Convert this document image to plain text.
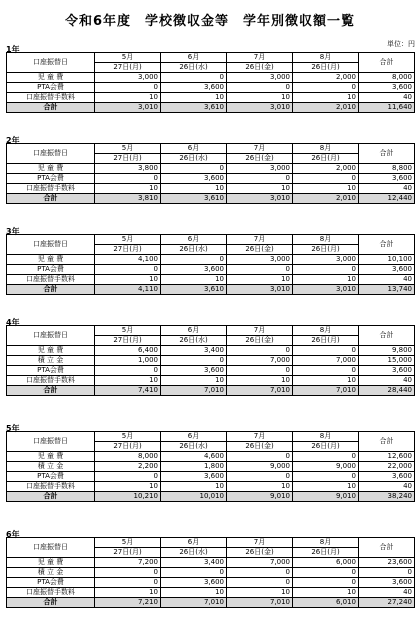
令和6年度　学校徴収金等　学年別徴収額一覧
単位：円
1年
口座振替日	5月	6月	7月	8月	合計
	27日(月)	26日(水)	26日(金)	26日(月)	
児 童 費	3,000	0	3,000	2,000	8,000
PTA会費	0	3,600	0	0	3,600
口座振替手数料	10	10	10	10	40
合計	3,010	3,610	3,010	2,010	11,640
2年
口座振替日	5月	6月	7月	8月	合計
	27日(月)	26日(水)	26日(金)	26日(月)	
児 童 費	3,800	0	3,000	2,000	8,800
PTA会費	0	3,600	0	0	3,600
口座振替手数料	10	10	10	10	40
合計	3,810	3,610	3,010	2,010	12,440
3年
口座振替日	5月	6月	7月	8月	合計
	27日(月)	26日(水)	26日(金)	26日(月)	
児 童 費	4,100	0	3,000	3,000	10,100
PTA会費	0	3,600	0	0	3,600
口座振替手数料	10	10	10	10	40
合計	4,110	3,610	3,010	3,010	13,740
4年
口座振替日	5月	6月	7月	8月	合計
	27日(月)	26日(水)	26日(金)	26日(月)	
児 童 費	6,400	3,400	0	0	9,800
積 立 金	1,000	0	7,000	7,000	15,000
PTA会費	0	3,600	0	0	3,600
口座振替手数料	10	10	10	10	40
合計	7,410	7,010	7,010	7,010	28,440
5年
口座振替日	5月	6月	7月	8月	合計
	27日(月)	26日(水)	26日(金)	26日(月)	
児 童 費	8,000	4,600	0	0	12,600
積 立 金	2,200	1,800	9,000	9,000	22,000
PTA会費	0	3,600	0	0	3,600
口座振替手数料	10	10	10	10	40
合計	10,210	10,010	9,010	9,010	38,240
6年
口座振替日	5月	6月	7月	8月	合計
	27日(月)	26日(水)	26日(金)	26日(月)	
児 童 費	7,200	3,400	7,000	6,000	23,600
積 立 金	0	0	0	0	0
PTA会費	0	3,600	0	0	3,600
口座振替手数料	10	10	10	10	40
合計	7,210	7,010	7,010	6,010	27,240
